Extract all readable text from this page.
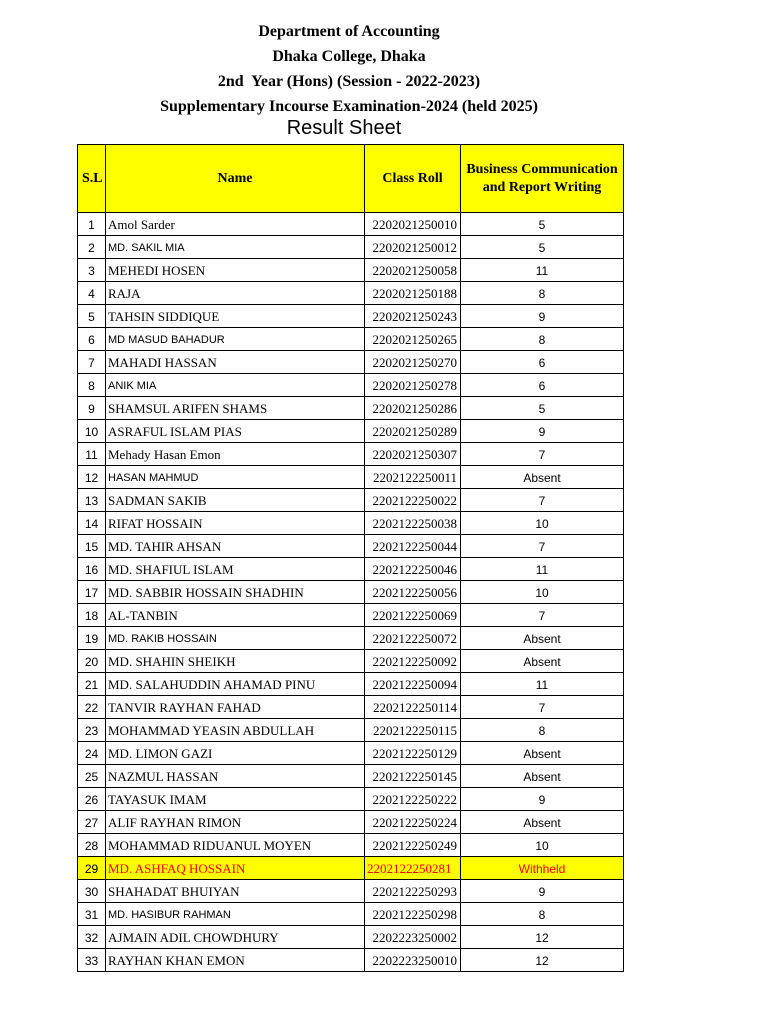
Department of Accounting
Dhaka College, Dhaka
2nd  Year (Hons) (Session - 2022-2023)
Supplementary Incourse Examination-2024 (held 2025)
Result Sheet
S.L	Name	Class Roll	Business Communication and Report Writing
1	Amol Sarder	2202021250010	5
2	MD. SAKIL MIA	2202021250012	5
3	MEHEDI HOSEN	2202021250058	11
4	RAJA	2202021250188	8
5	TAHSIN SIDDIQUE	2202021250243	9
6	MD MASUD BAHADUR	2202021250265	8
7	MAHADI HASSAN	2202021250270	6
8	ANIK MIA	2202021250278	6
9	SHAMSUL ARIFEN SHAMS	2202021250286	5
10	ASRAFUL ISLAM PIAS	2202021250289	9
11	Mehady Hasan Emon	2202021250307	7
12	HASAN MAHMUD	2202122250011	Absent
13	SADMAN SAKIB	2202122250022	7
14	RIFAT HOSSAIN	2202122250038	10
15	MD. TAHIR AHSAN	2202122250044	7
16	MD. SHAFIUL ISLAM	2202122250046	11
17	MD. SABBIR HOSSAIN SHADHIN	2202122250056	10
18	AL-TANBIN	2202122250069	7
19	MD. RAKIB HOSSAIN	2202122250072	Absent
20	MD. SHAHIN SHEIKH	2202122250092	Absent
21	MD. SALAHUDDIN AHAMAD PINU	2202122250094	11
22	TANVIR RAYHAN FAHAD	2202122250114	7
23	MOHAMMAD YEASIN ABDULLAH	2202122250115	8
24	MD. LIMON GAZI	2202122250129	Absent
25	NAZMUL HASSAN	2202122250145	Absent
26	TAYASUK IMAM	2202122250222	9
27	ALIF RAYHAN RIMON	2202122250224	Absent
28	MOHAMMAD RIDUANUL MOYEN	2202122250249	10
29	MD. ASHFAQ HOSSAIN	2202122250281	Withheld
30	SHAHADAT BHUIYAN	2202122250293	9
31	MD. HASIBUR RAHMAN	2202122250298	8
32	AJMAIN ADIL CHOWDHURY	2202223250002	12
33	RAYHAN KHAN EMON	2202223250010	12
